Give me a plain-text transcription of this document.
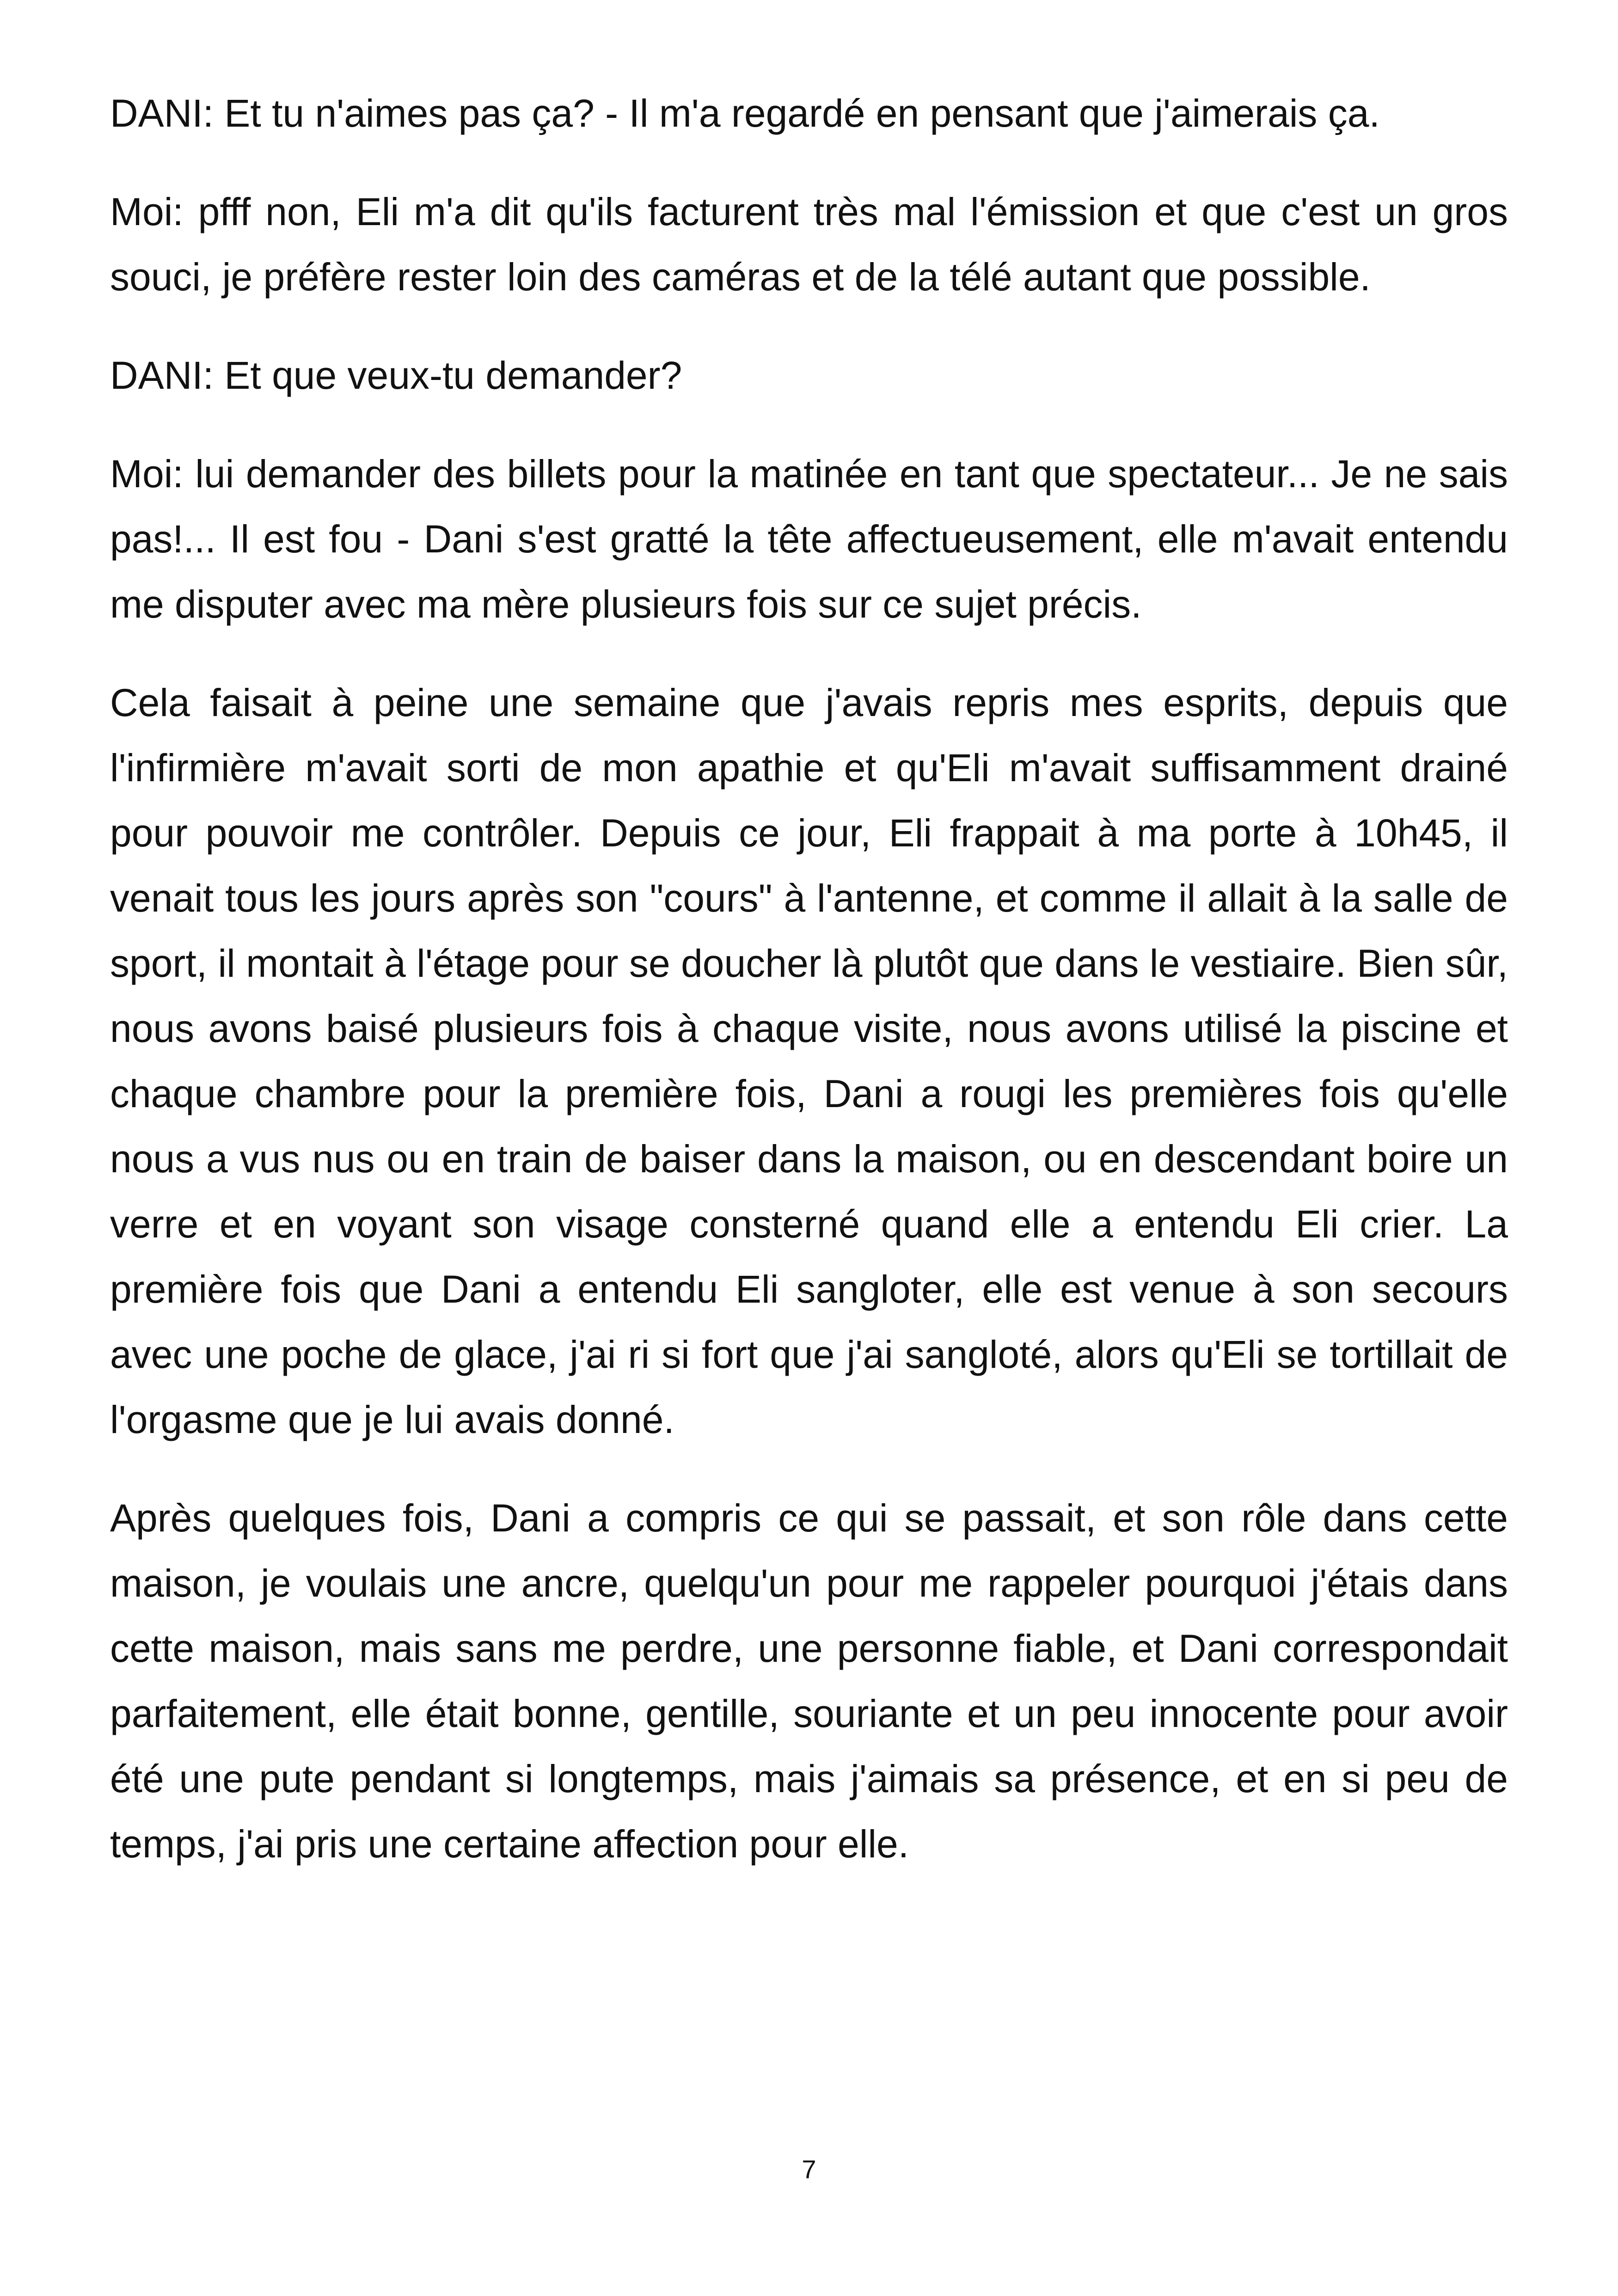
DANI: Et tu n'aimes pas ça? - Il m'a regardé en pensant que j'aimerais ça.

Moi: pfff non, Eli m'a dit qu'ils facturent très mal l'émission et que c'est un gros souci, je préfère rester loin des caméras et de la télé autant que possible.

DANI: Et que veux-tu demander?

Moi: lui demander des billets pour la matinée en tant que spectateur... Je ne sais pas!... Il est fou - Dani s'est gratté la tête affectueusement, elle m'avait entendu me disputer avec ma mère plusieurs fois sur ce sujet précis.

Cela faisait à peine une semaine que j'avais repris mes esprits, depuis que l'infirmière m'avait sorti de mon apathie et qu'Eli m'avait suffisamment drainé pour pouvoir me contrôler. Depuis ce jour, Eli frappait à ma porte à 10h45, il venait tous les jours après son "cours" à l'antenne, et comme il allait à la salle de sport, il montait à l'étage pour se doucher là plutôt que dans le vestiaire. Bien sûr, nous avons baisé plusieurs fois à chaque visite, nous avons utilisé la piscine et chaque chambre pour la première fois, Dani a rougi les premières fois qu'elle nous a vus nus ou en train de baiser dans la maison, ou en descendant boire un verre et en voyant son visage consterné quand elle a entendu Eli crier. La première fois que Dani a entendu Eli sangloter, elle est venue à son secours avec une poche de glace, j'ai ri si fort que j'ai sangloté, alors qu'Eli se tortillait de l'orgasme que je lui avais donné.

Après quelques fois, Dani a compris ce qui se passait, et son rôle dans cette maison, je voulais une ancre, quelqu'un pour me rappeler pourquoi j'étais dans cette maison, mais sans me perdre, une personne fiable, et Dani correspondait parfaitement, elle était bonne, gentille, souriante et un peu innocente pour avoir été une pute pendant si longtemps, mais j'aimais sa présence, et en si peu de temps, j'ai pris une certaine affection pour elle.

7
